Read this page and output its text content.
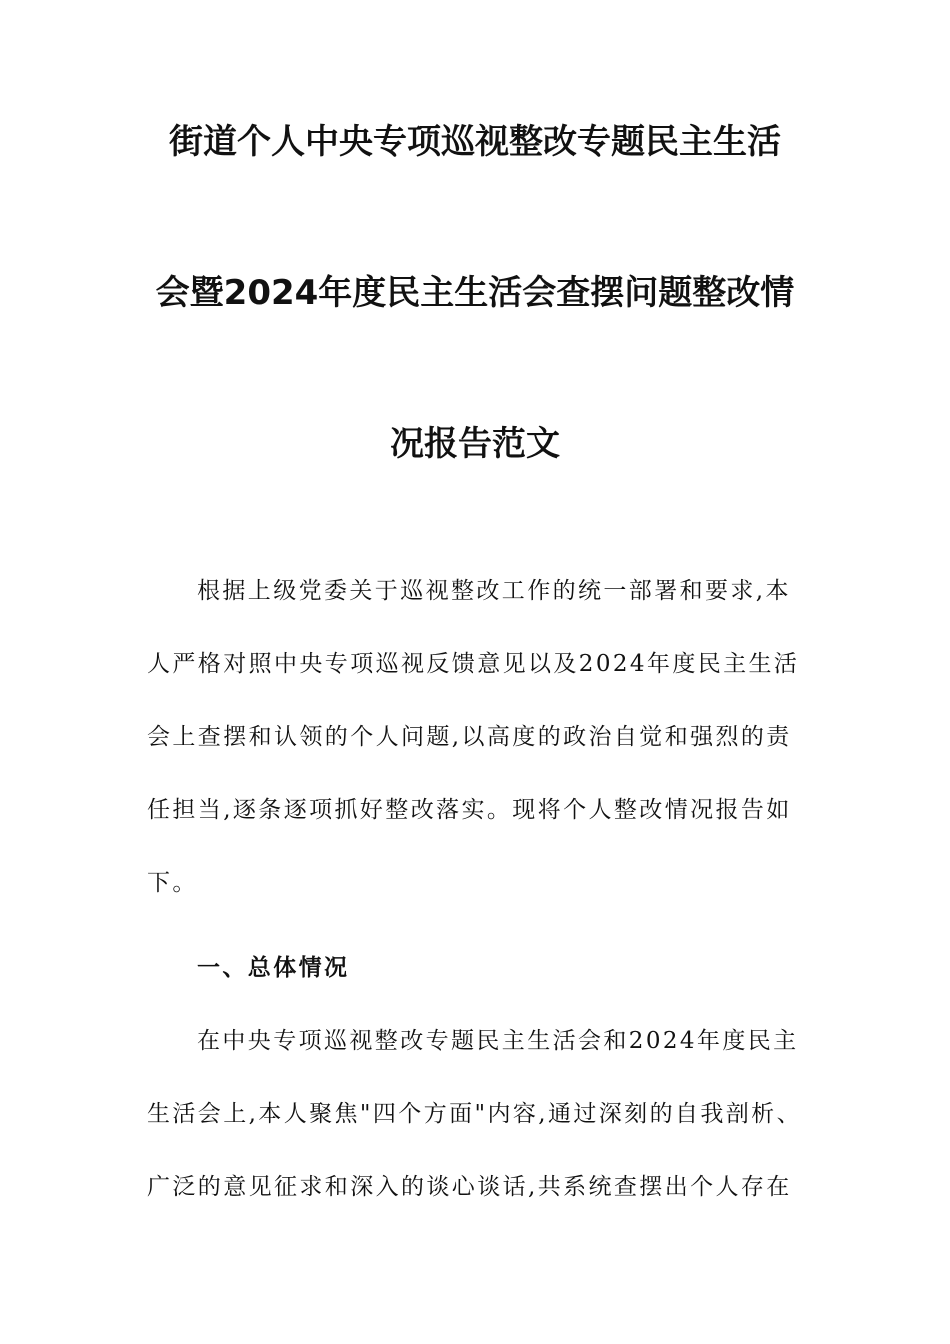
街道个人中央专项巡视整改专题民主生活
会暨2024年度民主生活会查摆问题整改情
况报告范文
根据上级党委关于巡视整改工作的统一部署和要求,本
人严格对照中央专项巡视反馈意见以及2024年度民主生活
会上查摆和认领的个人问题,以高度的政治自觉和强烈的责
任担当,逐条逐项抓好整改落实。现将个人整改情况报告如
下。
一、总体情况
在中央专项巡视整改专题民主生活会和2024年度民主
生活会上,本人聚焦"四个方面"内容,通过深刻的自我剖析、
广泛的意见征求和深入的谈心谈话,共系统查摆出个人存在
